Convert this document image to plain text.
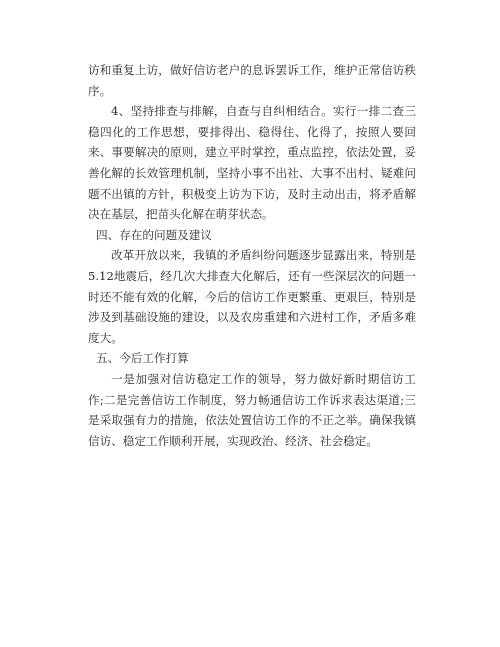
访和重复上访，做好信访老户的息诉罢诉工作，维护正常信访秩序。

4、坚持排查与排解，自查与自纠相结合。实行一排二查三稳四化的工作思想，要排得出、稳得住、化得了，按照人要回来、事要解决的原则，建立平时掌控，重点监控，依法处置，妥善化解的长效管理机制，坚持小事不出社、大事不出村、疑难问题不出镇的方针，积极变上访为下访，及时主动出击，将矛盾解决在基层，把苗头化解在萌芽状态。

四、存在的问题及建议

改革开放以来，我镇的矛盾纠纷问题逐步显露出来，特别是5.12地震后，经几次大排查大化解后，还有一些深层次的问题一时还不能有效的化解，今后的信访工作更繁重、更艰巨，特别是涉及到基础设施的建设，以及农房重建和六进村工作，矛盾多难度大。

五、今后工作打算

一是加强对信访稳定工作的领导，努力做好新时期信访工作;二是完善信访工作制度，努力畅通信访工作诉求表达渠道;三是采取强有力的措施，依法处置信访工作的不正之举。确保我镇信访、稳定工作顺利开展，实现政治、经济、社会稳定。
